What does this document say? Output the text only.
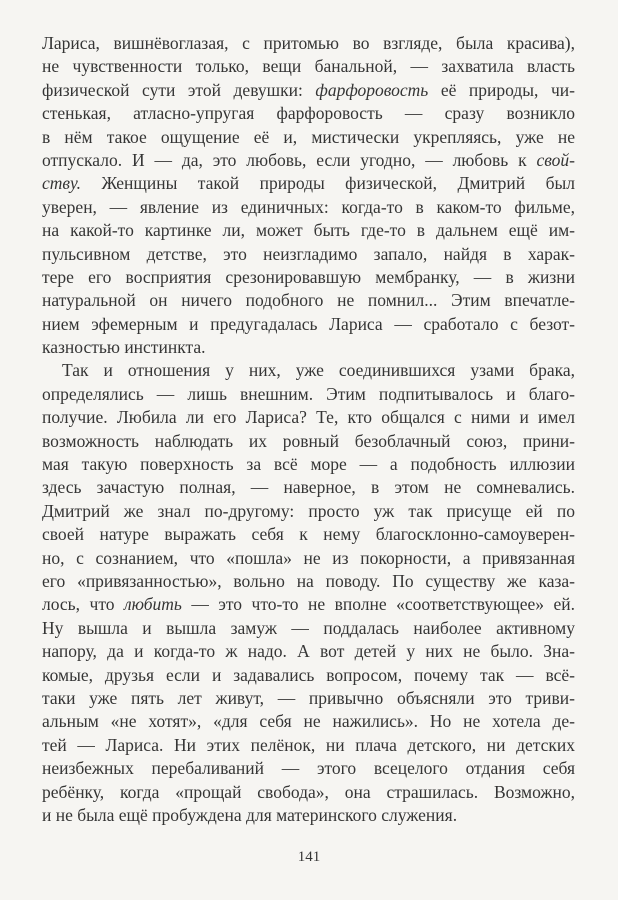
Лариса, вишнёвоглазая, с притомью во взгляде, была красива),
не чувственности только, вещи банальной, — захватила власть
физической сути этой девушки: фарфоровость её природы, чи-
стенькая, атласно-упругая фарфоровость — сразу возникло
в нём такое ощущение её и, мистически укрепляясь, уже не
отпускало. И — да, это любовь, если угодно, — любовь к свой-
ству. Женщины такой природы физической, Дмитрий был
уверен, — явление из единичных: когда-то в каком-то фильме,
на какой-то картинке ли, может быть где-то в дальнем ещё им-
пульсивном детстве, это неизгладимо запало, найдя в харак-
тере его восприятия срезонировавшую мембранку, — в жизни
натуральной он ничего подобного не помнил... Этим впечатле-
нием эфемерным и предугадалась Лариса — сработало с безот-
казностью инстинкта.
Так и отношения у них, уже соединившихся узами брака,
определялись — лишь внешним. Этим подпитывалось и благо-
получие. Любила ли его Лариса? Те, кто общался с ними и имел
возможность наблюдать их ровный безоблачный союз, прини-
мая такую поверхность за всё море — а подобность иллюзии
здесь зачастую полная, — наверное, в этом не сомневались.
Дмитрий же знал по-другому: просто уж так присуще ей по
своей натуре выражать себя к нему благосклонно-самоуверен-
но, с сознанием, что «пошла» не из покорности, а привязанная
его «привязанностью», вольно на поводу. По существу же каза-
лось, что любить — это что-то не вполне «соответствующее» ей.
Ну вышла и вышла замуж — поддалась наиболее активному
напору, да и когда-то ж надо. А вот детей у них не было. Зна-
комые, друзья если и задавались вопросом, почему так — всё-
таки уже пять лет живут, — привычно объясняли это триви-
альным «не хотят», «для себя не нажились». Но не хотела де-
тей — Лариса. Ни этих пелёнок, ни плача детского, ни детских
неизбежных перебаливаний — этого всецелого отдания себя
ребёнку, когда «прощай свобода», она страшилась. Возможно,
и не была ещё пробуждена для материнского служения.
141
